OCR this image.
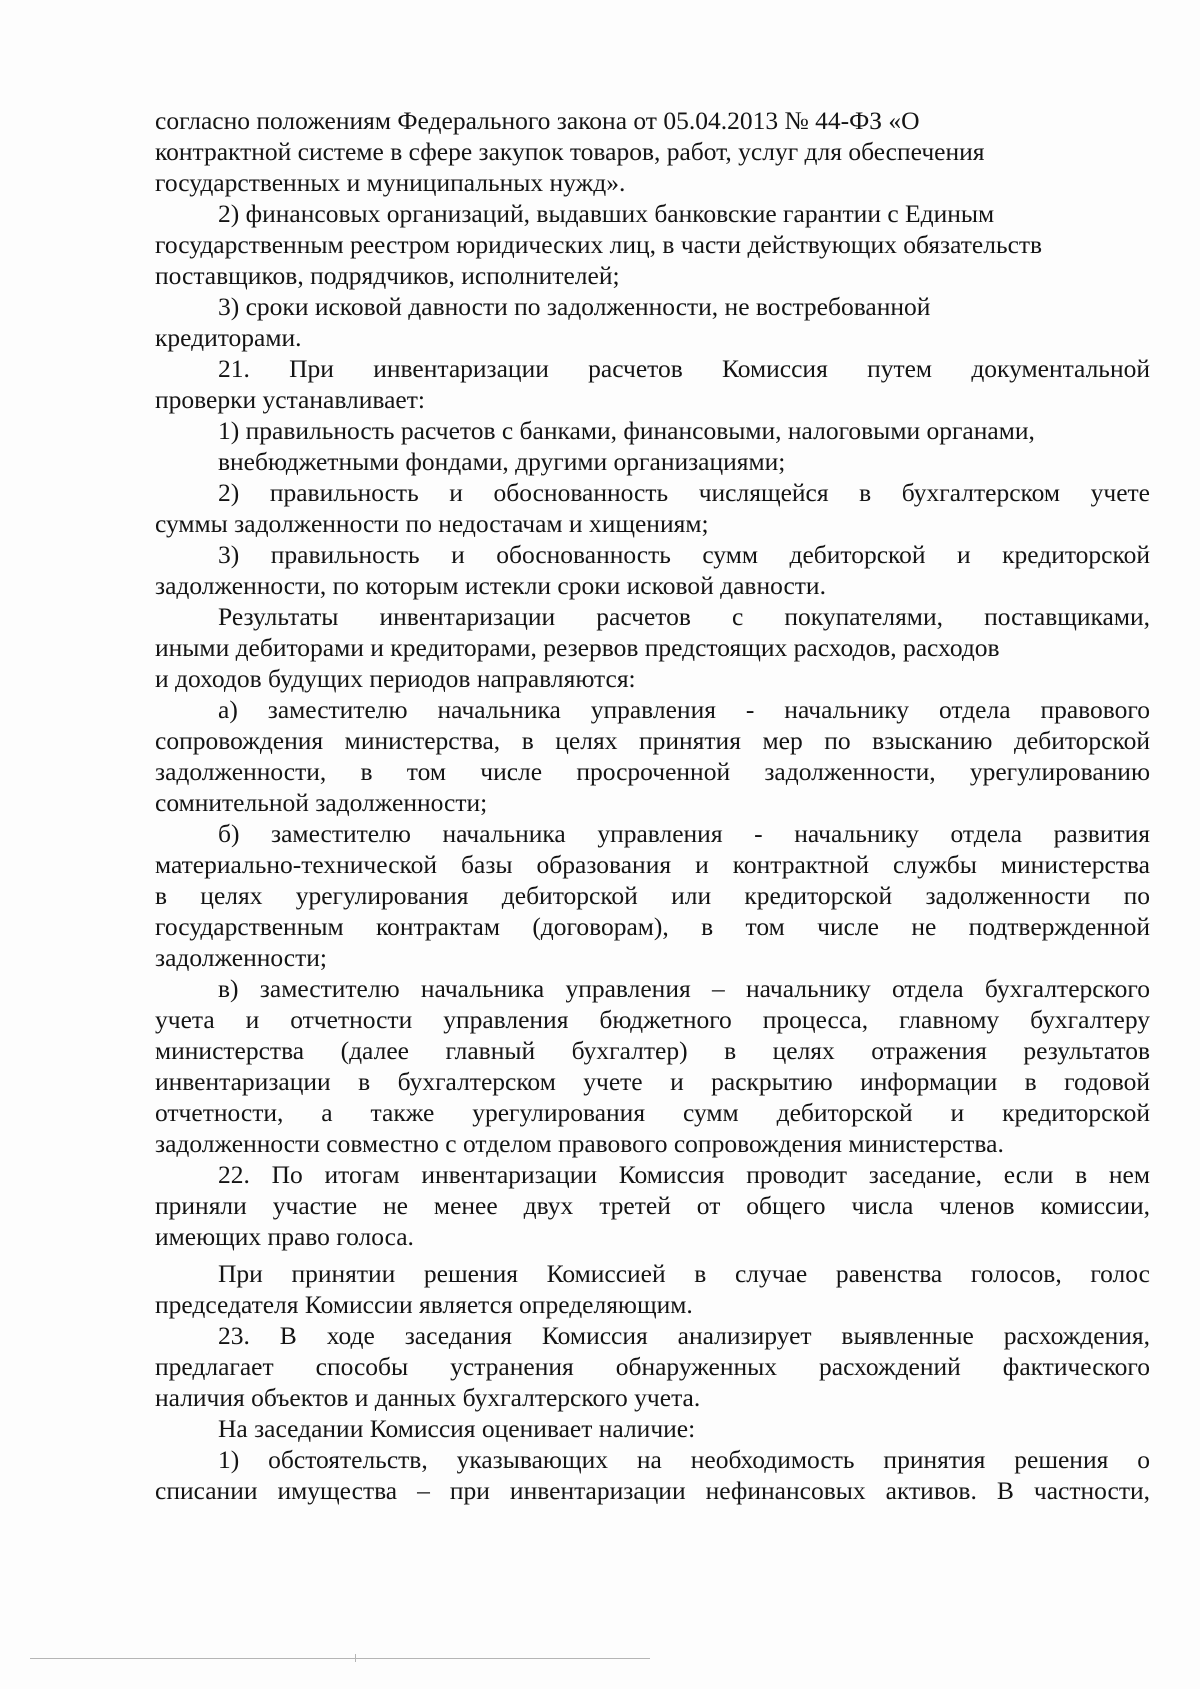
согласно положениям Федерального закона от 05.04.2013 № 44-ФЗ «О
контрактной системе в сфере закупок товаров, работ, услуг для обеспечения
государственных и муниципальных нужд».
2) финансовых организаций, выдавших банковские гарантии с Единым
государственным реестром юридических лиц, в части действующих обязательств
поставщиков, подрядчиков, исполнителей;
3) сроки исковой давности по задолженности, не востребованной
кредиторами.
21. При инвентаризации расчетов Комиссия путем документальной
проверки устанавливает:
1) правильность расчетов с банками, финансовыми, налоговыми органами,
внебюджетными фондами, другими организациями;
2) правильность и обоснованность числящейся в бухгалтерском учете
суммы задолженности по недостачам и хищениям;
3) правильность и обоснованность сумм дебиторской и кредиторской
задолженности, по которым истекли сроки исковой давности.
Результаты инвентаризации расчетов с покупателями, поставщиками,
иными дебиторами и кредиторами, резервов предстоящих расходов, расходов
и доходов будущих периодов направляются:
а) заместителю начальника управления - начальнику отдела правового
сопровождения министерства, в целях принятия мер по взысканию дебиторской
задолженности, в том числе просроченной задолженности, урегулированию
сомнительной задолженности;
б) заместителю начальника управления - начальнику отдела развития
материально-технической базы образования и контрактной службы министерства
в целях урегулирования дебиторской или кредиторской задолженности по
государственным контрактам (договорам), в том числе не подтвержденной
задолженности;
в) заместителю начальника управления – начальнику отдела бухгалтерского
учета и отчетности управления бюджетного процесса, главному бухгалтеру
министерства (далее главный бухгалтер) в целях отражения результатов
инвентаризации в бухгалтерском учете и раскрытию информации в годовой
отчетности, а также урегулирования сумм дебиторской и кредиторской
задолженности совместно с отделом правового сопровождения министерства.
22. По итогам инвентаризации Комиссия проводит заседание, если в нем
приняли участие не менее двух третей от общего числа членов комиссии,
имеющих право голоса.
При принятии решения Комиссией в случае равенства голосов, голос
председателя Комиссии является определяющим.
23. В ходе заседания Комиссия анализирует выявленные расхождения,
предлагает способы устранения обнаруженных расхождений фактического
наличия объектов и данных бухгалтерского учета.
На заседании Комиссия оценивает наличие:
1) обстоятельств, указывающих на необходимость принятия решения о
списании имущества – при инвентаризации нефинансовых активов. В частности,
